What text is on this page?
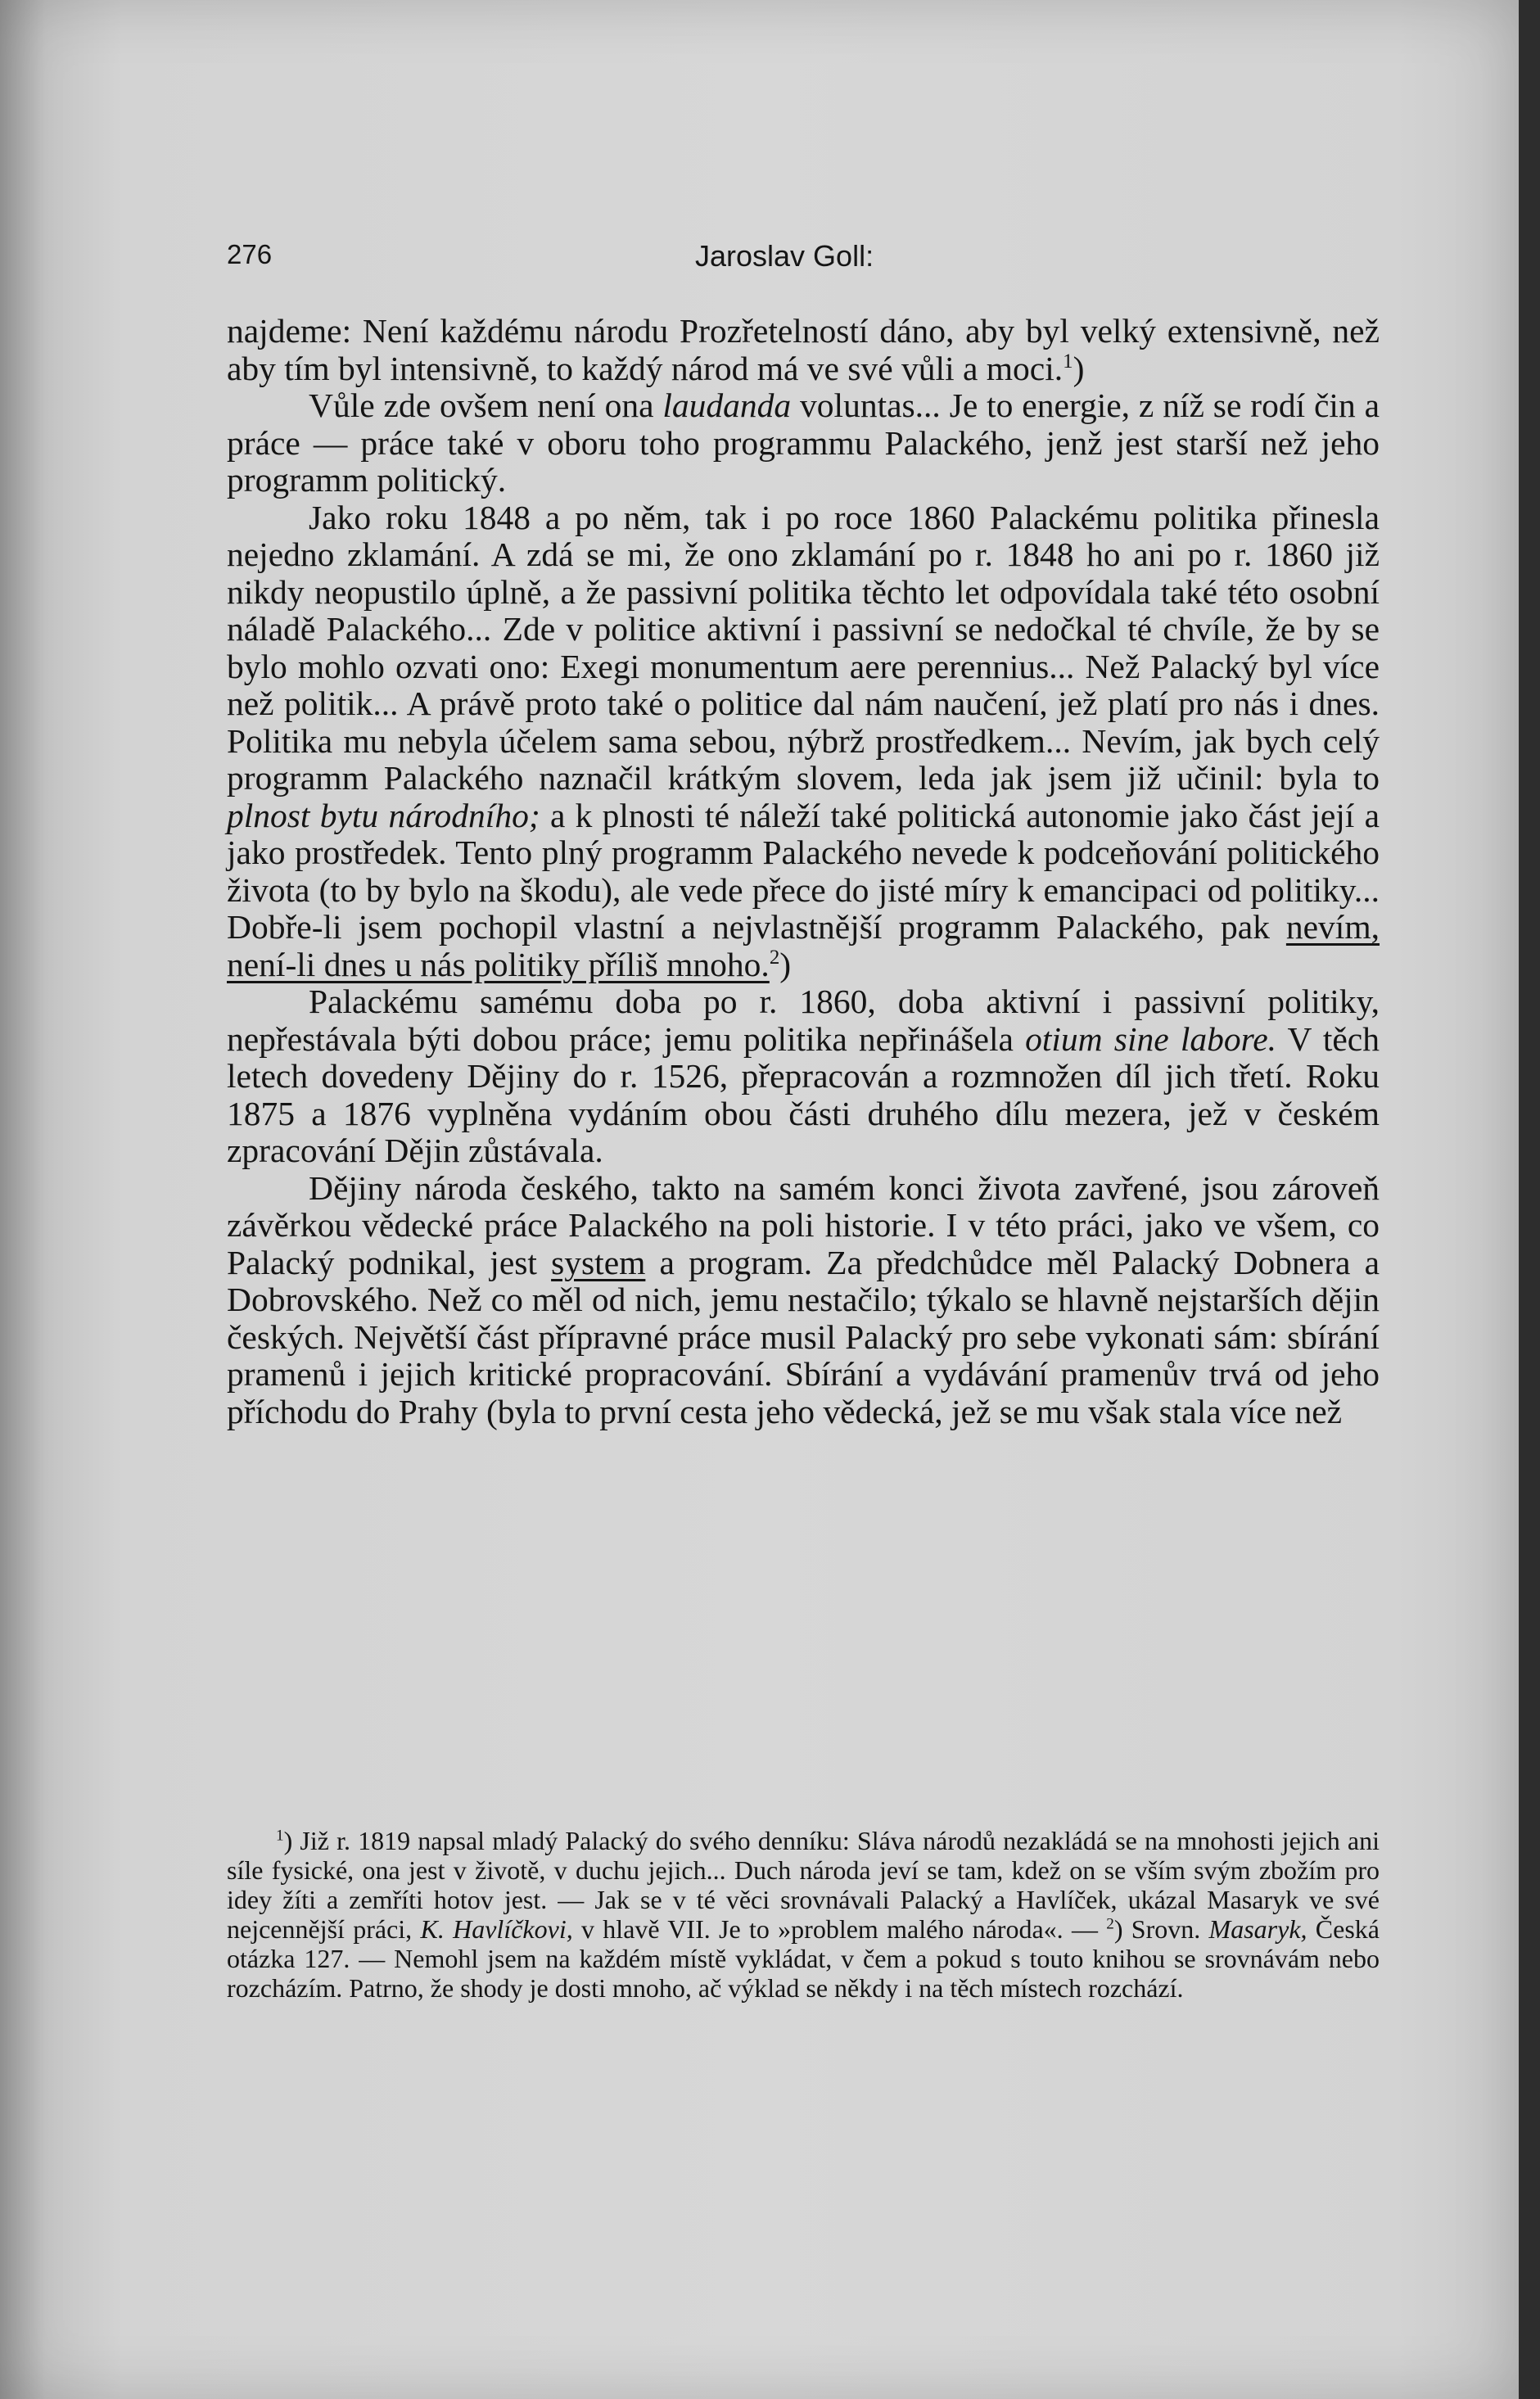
276	Jaroslav Goll:

najdeme: Není každému národu Prozřetelností dáno, aby byl velký extensivně, než aby tím byl intensivně, to každý národ má ve své vůli a moci.$^1$)

Vůle zde ovšem není ona laudanda voluntas... Je to energie, z níž se rodí čin a práce — práce také v oboru toho programmu Palackého, jenž jest starší než jeho programm politický.

Jako roku 1848 a po něm, tak i po roce 1860 Palackému politika přinesla nejedno zklamání. A zdá se mi, že ono zklamání po r. 1848 ho ani po r. 1860 již nikdy neopustilo úplně, a že passivní politika těchto let odpovídala také této osobní náladě Palackého... Zde v politice aktivní i passivní se nedočkal té chvíle, že by se bylo mohlo ozvati ono: Exegi monumentum aere perennius... Než Palacký byl více než politik... A právě proto také o politice dal nám naučení, jež platí pro nás i dnes. Politika mu nebyla účelem sama sebou, nýbrž prostředkem... Nevím, jak bych celý programm Palackého naznačil krátkým slovem, leda jak jsem již učinil: byla to plnost bytu národního; a k plnosti té náleží také politická autonomie jako část její a jako prostředek. Tento plný programm Palackého nevede k podceňování politického života (to by bylo na škodu), ale vede přece do jisté míry k emancipaci od politiky... Dobře-li jsem pochopil vlastní a nejvlastnější programm Palackého, pak nevím, není-li dnes u nás politiky příliš mnoho.$^2$)

Palackému samému doba po r. 1860, doba aktivní i passivní politiky, nepřestávala býti dobou práce; jemu politika nepřinášela otium sine labore. V těch letech dovedeny Dějiny do r. 1526, přepracován a rozmnožen díl jich třetí. Roku 1875 a 1876 vyplněna vydáním obou části druhého dílu mezera, jež v českém zpracování Dějin zůstávala.

Dějiny národa českého, takto na samém konci života zavřené, jsou zároveň závěrkou vědecké práce Palackého na poli historie. I v této práci, jako ve všem, co Palacký podnikal, jest system a program. Za předchůdce měl Palacký Dobnera a Dobrovského. Než co měl od nich, jemu nestačilo; týkalo se hlavně nejstarších dějin českých. Největší část přípravné práce musil Palacký pro sebe vykonati sám: sbírání pramenů i jejich kritické propracování. Sbírání a vydávání pramenův trvá od jeho příchodu do Prahy (byla to první cesta jeho vědecká, jež se mu však stala více než

$^1$) Již r. 1819 napsal mladý Palacký do svého denníku: Sláva národů nezakládá se na mnohosti jejich ani síle fysické, ona jest v životě, v duchu jejich... Duch národa jeví se tam, kdež on se vším svým zbožím pro idey žíti a zemříti hotov jest. — Jak se v té věci srovnávali Palacký a Havlíček, ukázal Masaryk ve své nejcennější práci, K. Havlíčkovi, v hlavě VII. Je to »problem malého národa«. — $^2$) Srovn. Masaryk, Česká otázka 127. — Nemohl jsem na každém místě vykládat, v čem a pokud s touto knihou se srovnávám nebo rozcházím. Patrno, že shody je dosti mnoho, ač výklad se někdy i na těch místech rozchází.
